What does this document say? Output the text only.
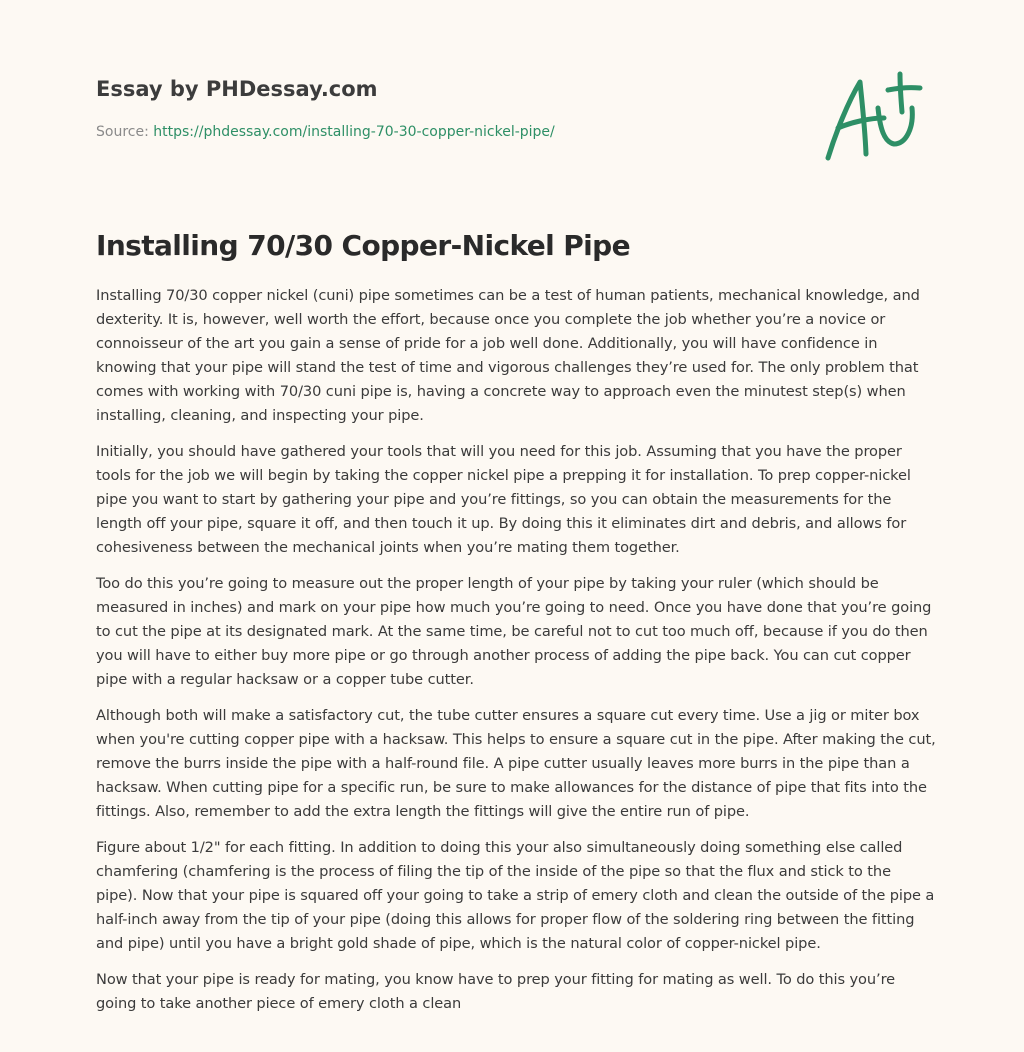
Essay by PHDessay.com
Source: https://phdessay.com/installing-70-30-copper-nickel-pipe/
Installing 70/30 Copper-Nickel Pipe

Installing 70/30 copper nickel (cuni) pipe sometimes can be a test of human patients, mechanical knowledge, and dexterity. It is, however, well worth the effort, because once you complete the job whether you’re a novice or connoisseur of the art you gain a sense of pride for a job well done. Additionally, you will have confidence in knowing that your pipe will stand the test of time and vigorous challenges they’re used for. The only problem that comes with working with 70/30 cuni pipe is, having a concrete way to approach even the minutest step(s) when installing, cleaning, and inspecting your pipe.

Initially, you should have gathered your tools that will you need for this job. Assuming that you have the proper tools for the job we will begin by taking the copper nickel pipe a prepping it for installation. To prep copper-nickel pipe you want to start by gathering your pipe and you’re fittings, so you can obtain the measurements for the length off your pipe, square it off, and then touch it up. By doing this it eliminates dirt and debris, and allows for cohesiveness between the mechanical joints when you’re mating them together.

Too do this you’re going to measure out the proper length of your pipe by taking your ruler (which should be measured in inches) and mark on your pipe how much you’re going to need. Once you have done that you’re going to cut the pipe at its designated mark. At the same time, be careful not to cut too much off, because if you do then you will have to either buy more pipe or go through another process of adding the pipe back. You can cut copper pipe with a regular hacksaw or a copper tube cutter.

Although both will make a satisfactory cut, the tube cutter ensures a square cut every time. Use a jig or miter box when you're cutting copper pipe with a hacksaw. This helps to ensure a square cut in the pipe. After making the cut, remove the burrs inside the pipe with a half-round file. A pipe cutter usually leaves more burrs in the pipe than a hacksaw. When cutting pipe for a specific run, be sure to make allowances for the distance of pipe that fits into the fittings. Also, remember to add the extra length the fittings will give the entire run of pipe.

Figure about 1/2" for each fitting. In addition to doing this your also simultaneously doing something else called chamfering (chamfering is the process of filing the tip of the inside of the pipe so that the flux and stick to the pipe). Now that your pipe is squared off your going to take a strip of emery cloth and clean the outside of the pipe a half-inch away from the tip of your pipe (doing this allows for proper flow of the soldering ring between the fitting and pipe) until you have a bright gold shade of pipe, which is the natural color of copper-nickel pipe.

Now that your pipe is ready for mating, you know have to prep your fitting for mating as well. To do this you’re going to take another piece of emery cloth a clean
